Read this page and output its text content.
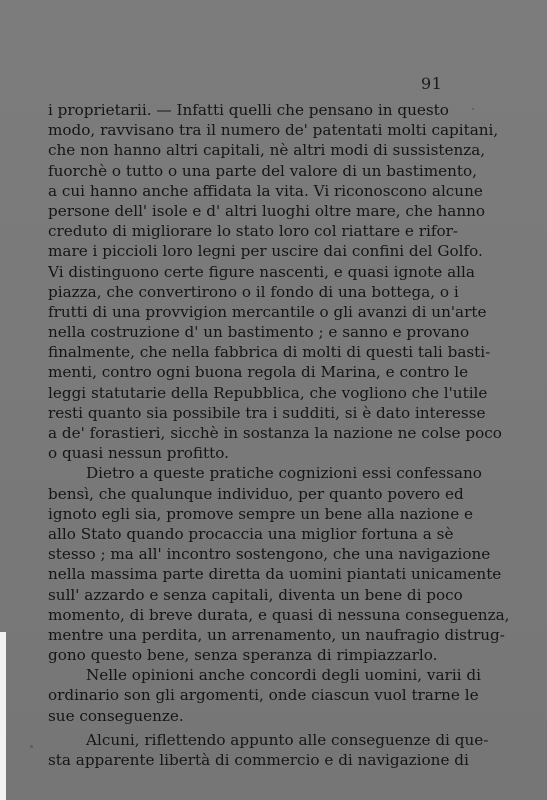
91
i proprietarii. — Infatti quelli che pensano in questo
modo, ravvisano tra il numero de' patentati molti capitani,
che non hanno altri capitali, nè altri modi di sussistenza,
fuorchè o tutto o una parte del valore di un bastimento,
a cui hanno anche affidata la vita. Vi riconoscono alcune
persone dell' isole e d' altri luoghi oltre mare, che hanno
creduto di migliorare lo stato loro col riattare e rifor-
mare i piccioli loro legni per uscire dai confini del Golfo.
Vi distinguono certe figure nascenti, e quasi ignote alla
piazza, che convertirono o il fondo di una bottega, o i
frutti di una provvigion mercantile o gli avanzi di un'arte
nella costruzione d' un bastimento ; e sanno e provano
finalmente, che nella fabbrica di molti di questi tali basti-
menti, contro ogni buona regola di Marina, e contro le
leggi statutarie della Repubblica, che vogliono che l'utile
resti quanto sia possibile tra i sudditi, si è dato interesse
a de' forastieri, sicchè in sostanza la nazione ne colse poco
o quasi nessun profitto.
Dietro a queste pratiche cognizioni essi confessano
bensì, che qualunque individuo, per quanto povero ed
ignoto egli sia, promove sempre un bene alla nazione e
allo Stato quando procaccia una miglior fortuna a sè
stesso ; ma all' incontro sostengono, che una navigazione
nella massima parte diretta da uomini piantati unicamente
sull' azzardo e senza capitali, diventa un bene di poco
momento, di breve durata, e quasi di nessuna conseguenza,
mentre una perdita, un arrenamento, un naufragio distrug-
gono questo bene, senza speranza di rimpiazzarlo.
Nelle opinioni anche concordi degli uomini, varii di
ordinario son gli argomenti, onde ciascun vuol trarne le
sue conseguenze.
Alcuni, riflettendo appunto alle conseguenze di que-
sta apparente libertà di commercio e di navigazione di
